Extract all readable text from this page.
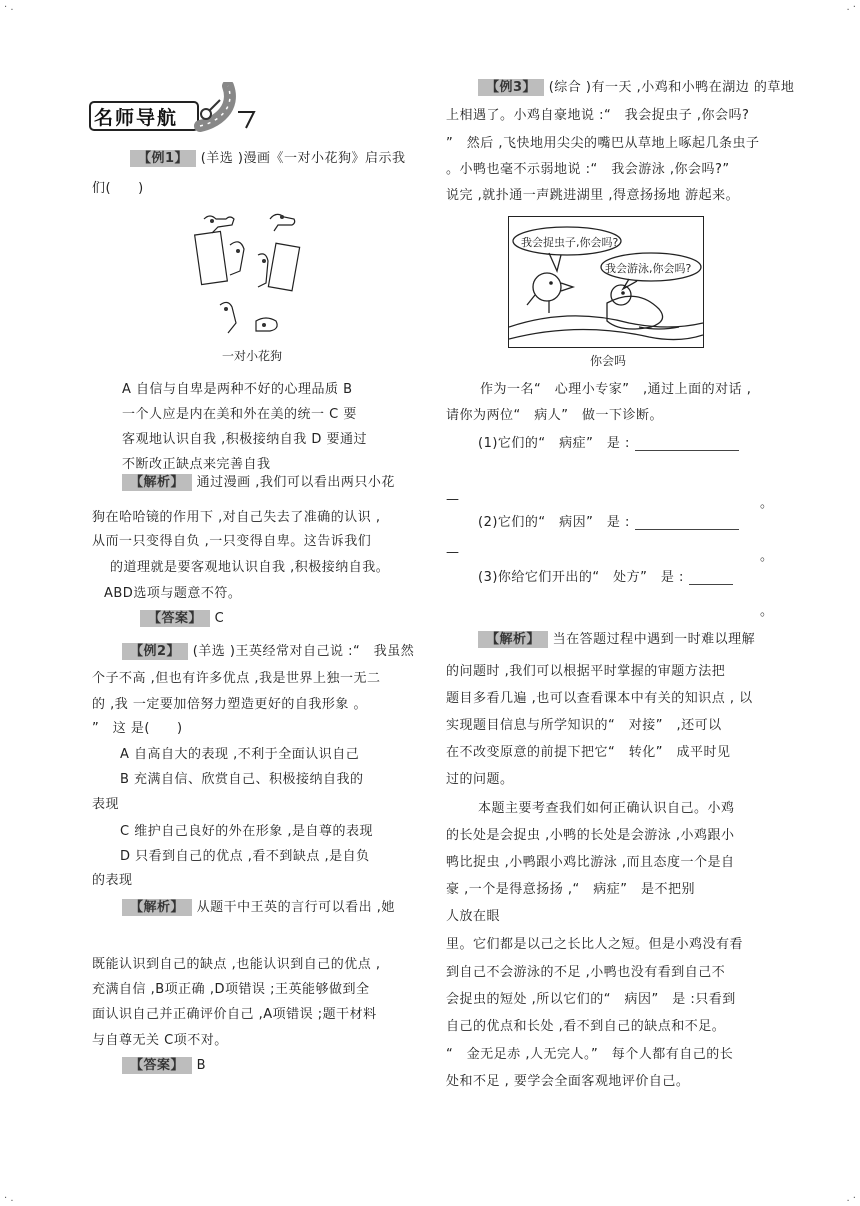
· .	. ·
· .	. ·
名师导航
【例1】 (羊选 )漫画《一对小花狗》启示我
们(　　)
一对小花狗
A 自信与自卑是两种不好的心理品质 B
一个人应是内在美和外在美的统一 C 要
客观地认识自我 ,积极接纳自我 D 要通过
不断改正缺点来完善自我
【解析】 通过漫画 ,我们可以看出两只小花
狗在哈哈镜的作用下 ,对自己失去了准确的认识 ,
从而一只变得自负 ,一只变得自卑。这告诉我们
的道理就是要客观地认识自我 ,积极接纳自我。
ABD选项与题意不符。
【答案】 C
【例2】 (羊选 )王英经常对自己说 :“　我虽然
个子不高 ,但也有许多优点 ,我是世界上独一无二
的 ,我 一定要加倍努力塑造更好的自我形象 。
”　这 是(　　)
A 自高自大的表现 ,不利于全面认识自己
B 充满自信、欣赏自己、积极接纳自我的
表现
C 维护自己良好的外在形象 ,是自尊的表现
D 只看到自己的优点 ,看不到缺点 ,是自负
的表现
【解析】 从题干中王英的言行可以看出 ,她
既能认识到自己的缺点 ,也能认识到自己的优点 ,
充满自信 ,B项正确 ,D项错误 ;王英能够做到全
面认识自己并正确评价自己 ,A项错误 ;题干材料
与自尊无关 C项不对。
【答案】 B
【例3】 (综合 )有一天 ,小鸡和小鸭在湖边 的草地
上相遇了。小鸡自豪地说 :“　我会捉虫子 ,你会吗?
”　然后 ,飞快地用尖尖的嘴巴从草地上啄起几条虫子
。小鸭也毫不示弱地说 :“　我会游泳 ,你会吗?”
说完 ,就扑通一声跳进湖里 ,得意扬扬地 游起来。
我会捉虫子,你会吗?
我会游泳,你会吗?
你会吗
作为一名“　心理小专家”　,通过上面的对话 ,
请你为两位“　病人”　做一下诊断。
(1)它们的“　病症”　是 :
—	。
(2)它们的“　病因”　是 :
—	。
(3)你给它们开出的“　处方”　是 :
。
【解析】 当在答题过程中遇到一时难以理解
的问题时 ,我们可以根据平时掌握的审题方法把
题目多看几遍 ,也可以查看课本中有关的知识点 , 以
实现题目信息与所学知识的“　对接”　,还可以
在不改变原意的前提下把它“　转化”　成平时见
过的问题。
本题主要考查我们如何正确认识自己。小鸡
的长处是会捉虫 ,小鸭的长处是会游泳 ,小鸡跟小
鸭比捉虫 ,小鸭跟小鸡比游泳 ,而且态度一个是自
豪 ,一个是得意扬扬 ,“　病症”　是不把别
人放在眼
里。它们都是以己之长比人之短。但是小鸡没有看
到自己不会游泳的不足 ,小鸭也没有看到自己不
会捉虫的短处 ,所以它们的“　病因”　是 :只看到
自己的优点和长处 ,看不到自己的缺点和不足。
“　金无足赤 ,人无完人。”　每个人都有自己的长
处和不足 , 要学会全面客观地评价自己。
